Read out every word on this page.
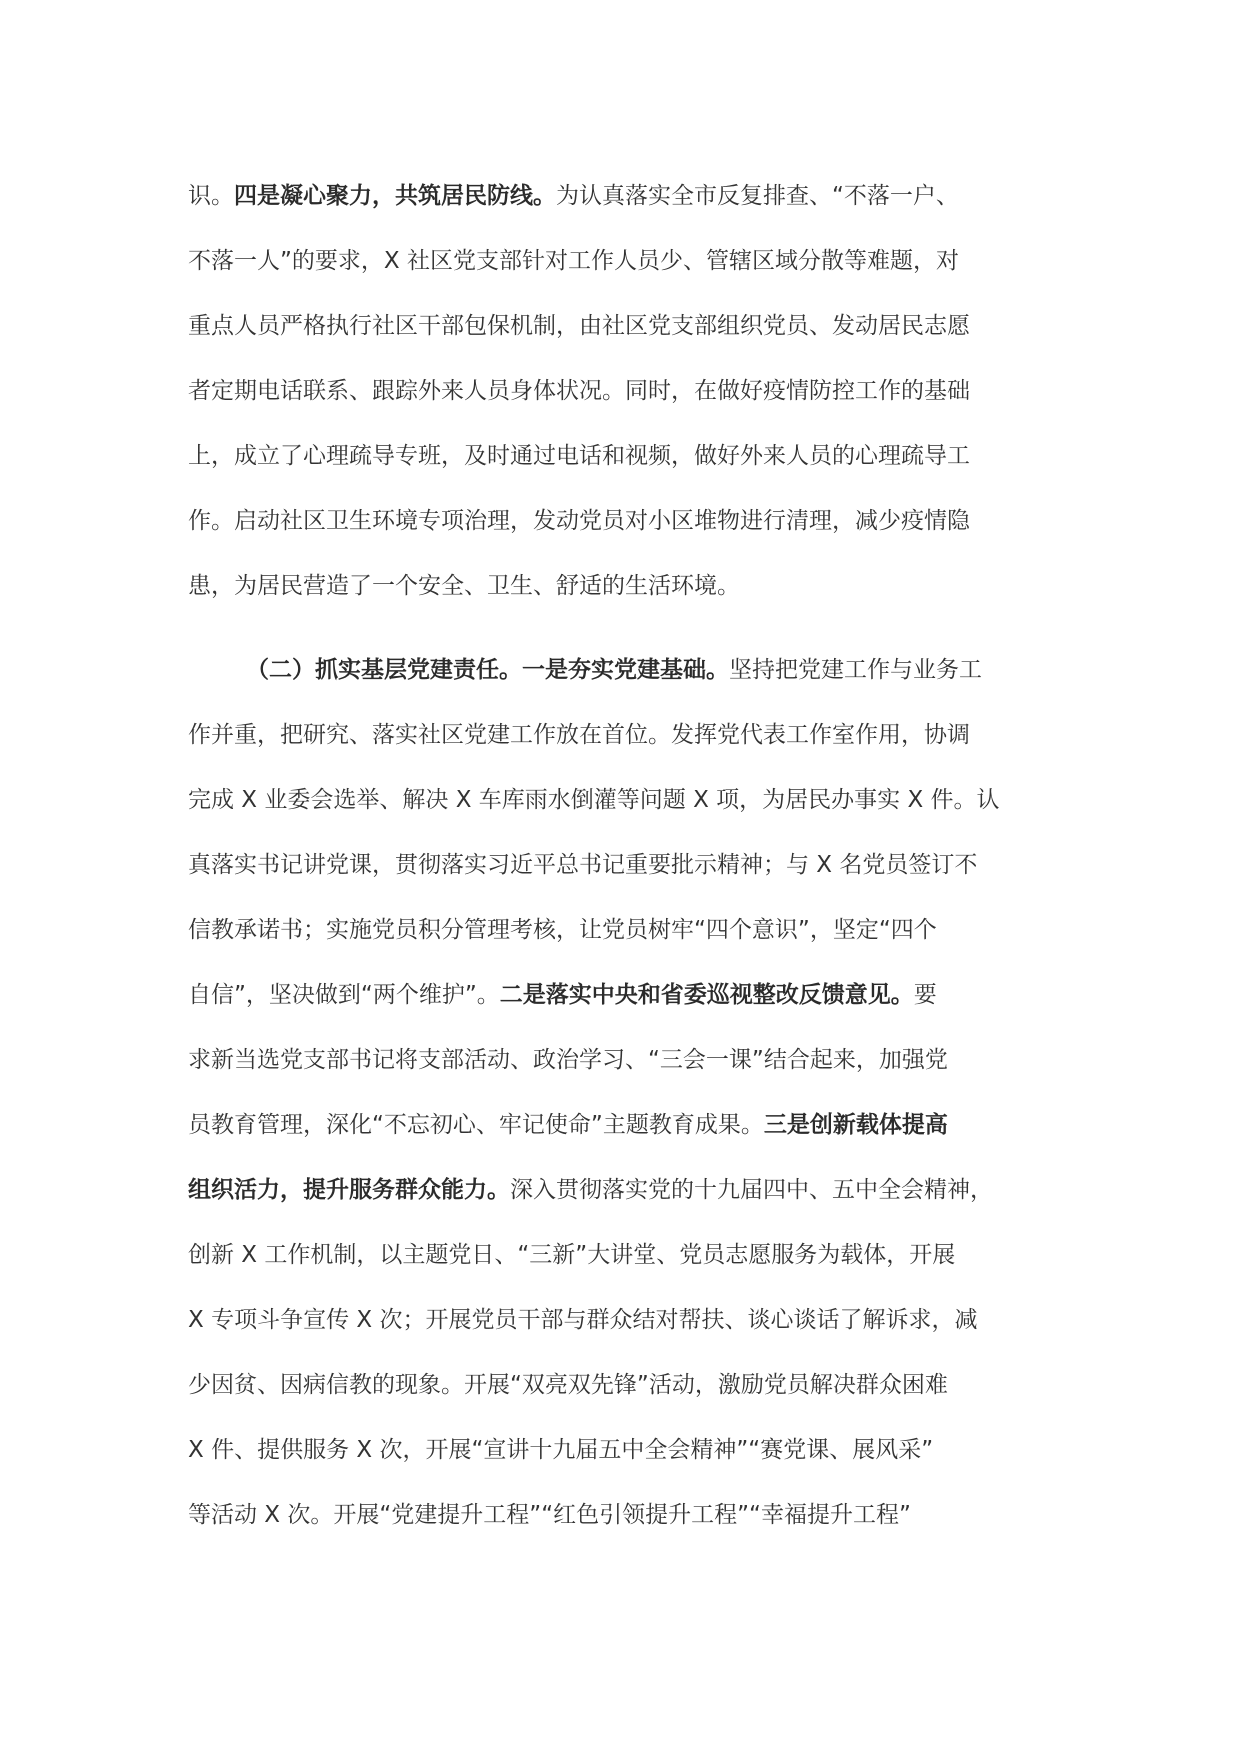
识。四是凝心聚力，共筑居民防线。为认真落实全市反复排查、“不落一户、
不落一人”的要求，X 社区党支部针对工作人员少、管辖区域分散等难题，对
重点人员严格执行社区干部包保机制，由社区党支部组织党员、发动居民志愿
者定期电话联系、跟踪外来人员身体状况。同时，在做好疫情防控工作的基础
上，成立了心理疏导专班，及时通过电话和视频，做好外来人员的心理疏导工
作。启动社区卫生环境专项治理，发动党员对小区堆物进行清理，减少疫情隐
患，为居民营造了一个安全、卫生、舒适的生活环境。
（二）抓实基层党建责任。一是夯实党建基础。坚持把党建工作与业务工
作并重，把研究、落实社区党建工作放在首位。发挥党代表工作室作用，协调
完成 X 业委会选举、解决 X 车库雨水倒灌等问题 X 项，为居民办事实 X 件。认
真落实书记讲党课，贯彻落实习近平总书记重要批示精神；与 X 名党员签订不
信教承诺书；实施党员积分管理考核，让党员树牢“四个意识”，坚定“四个
自信”，坚决做到“两个维护”。二是落实中央和省委巡视整改反馈意见。要
求新当选党支部书记将支部活动、政治学习、“三会一课”结合起来，加强党
员教育管理，深化“不忘初心、牢记使命”主题教育成果。三是创新载体提高
组织活力，提升服务群众能力。深入贯彻落实党的十九届四中、五中全会精神，
创新 X 工作机制，以主题党日、“三新”大讲堂、党员志愿服务为载体，开展
X 专项斗争宣传 X 次；开展党员干部与群众结对帮扶、谈心谈话了解诉求，减
少因贫、因病信教的现象。开展“双亮双先锋”活动，激励党员解决群众困难
X 件、提供服务 X 次，开展“宣讲十九届五中全会精神”“赛党课、展风采”
等活动 X 次。开展“党建提升工程”“红色引领提升工程”“幸福提升工程”
